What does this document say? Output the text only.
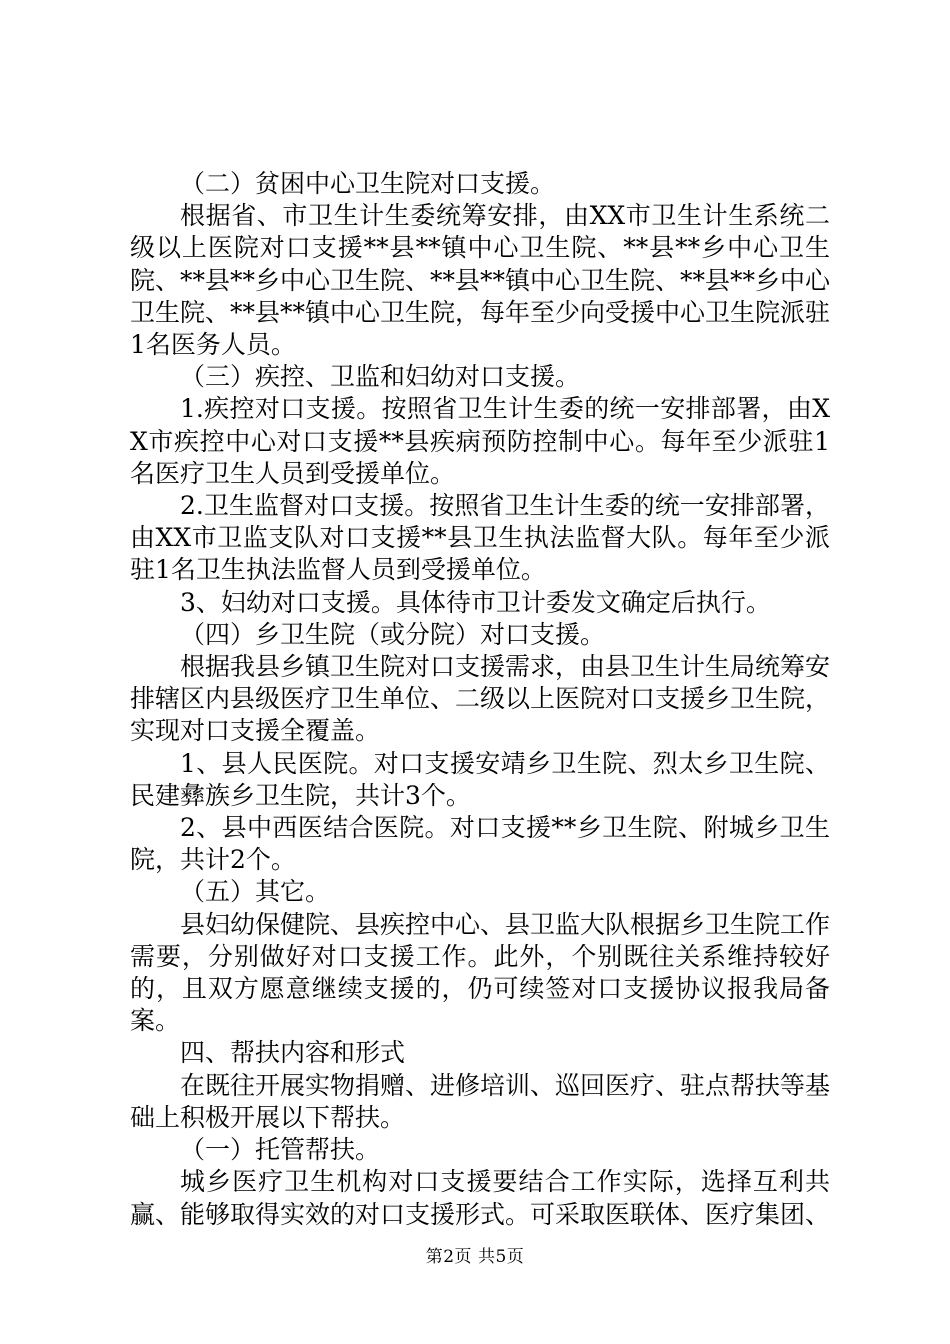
（二）贫困中心卫生院对口支援。

根据省、市卫生计生委统筹安排，由XX市卫生计生系统二级以上医院对口支援**县**镇中心卫生院、**县**乡中心卫生院、**县**乡中心卫生院、**县**镇中心卫生院、**县**乡中心卫生院、**县**镇中心卫生院，每年至少向受援中心卫生院派驻1名医务人员。

（三）疾控、卫监和妇幼对口支援。

1.疾控对口支援。按照省卫生计生委的统一安排部署，由XX市疾控中心对口支援**县疾病预防控制中心。每年至少派驻1名医疗卫生人员到受援单位。

2.卫生监督对口支援。按照省卫生计生委的统一安排部署，由XX市卫监支队对口支援**县卫生执法监督大队。每年至少派驻1名卫生执法监督人员到受援单位。

3、妇幼对口支援。具体待市卫计委发文确定后执行。

（四）乡卫生院（或分院）对口支援。

根据我县乡镇卫生院对口支援需求，由县卫生计生局统筹安排辖区内县级医疗卫生单位、二级以上医院对口支援乡卫生院，实现对口支援全覆盖。

1、县人民医院。对口支援安靖乡卫生院、烈太乡卫生院、民建彝族乡卫生院，共计3个。

2、县中西医结合医院。对口支援**乡卫生院、附城乡卫生院，共计2个。

（五）其它。

县妇幼保健院、县疾控中心、县卫监大队根据乡卫生院工作需要，分别做好对口支援工作。此外，个别既往关系维持较好的，且双方愿意继续支援的，仍可续签对口支援协议报我局备案。

四、帮扶内容和形式

在既往开展实物捐赠、进修培训、巡回医疗、驻点帮扶等基础上积极开展以下帮扶。

（一）托管帮扶。

城乡医疗卫生机构对口支援要结合工作实际，选择互利共赢、能够取得实效的对口支援形式。可采取医联体、医疗集团、

第2页 共5页
